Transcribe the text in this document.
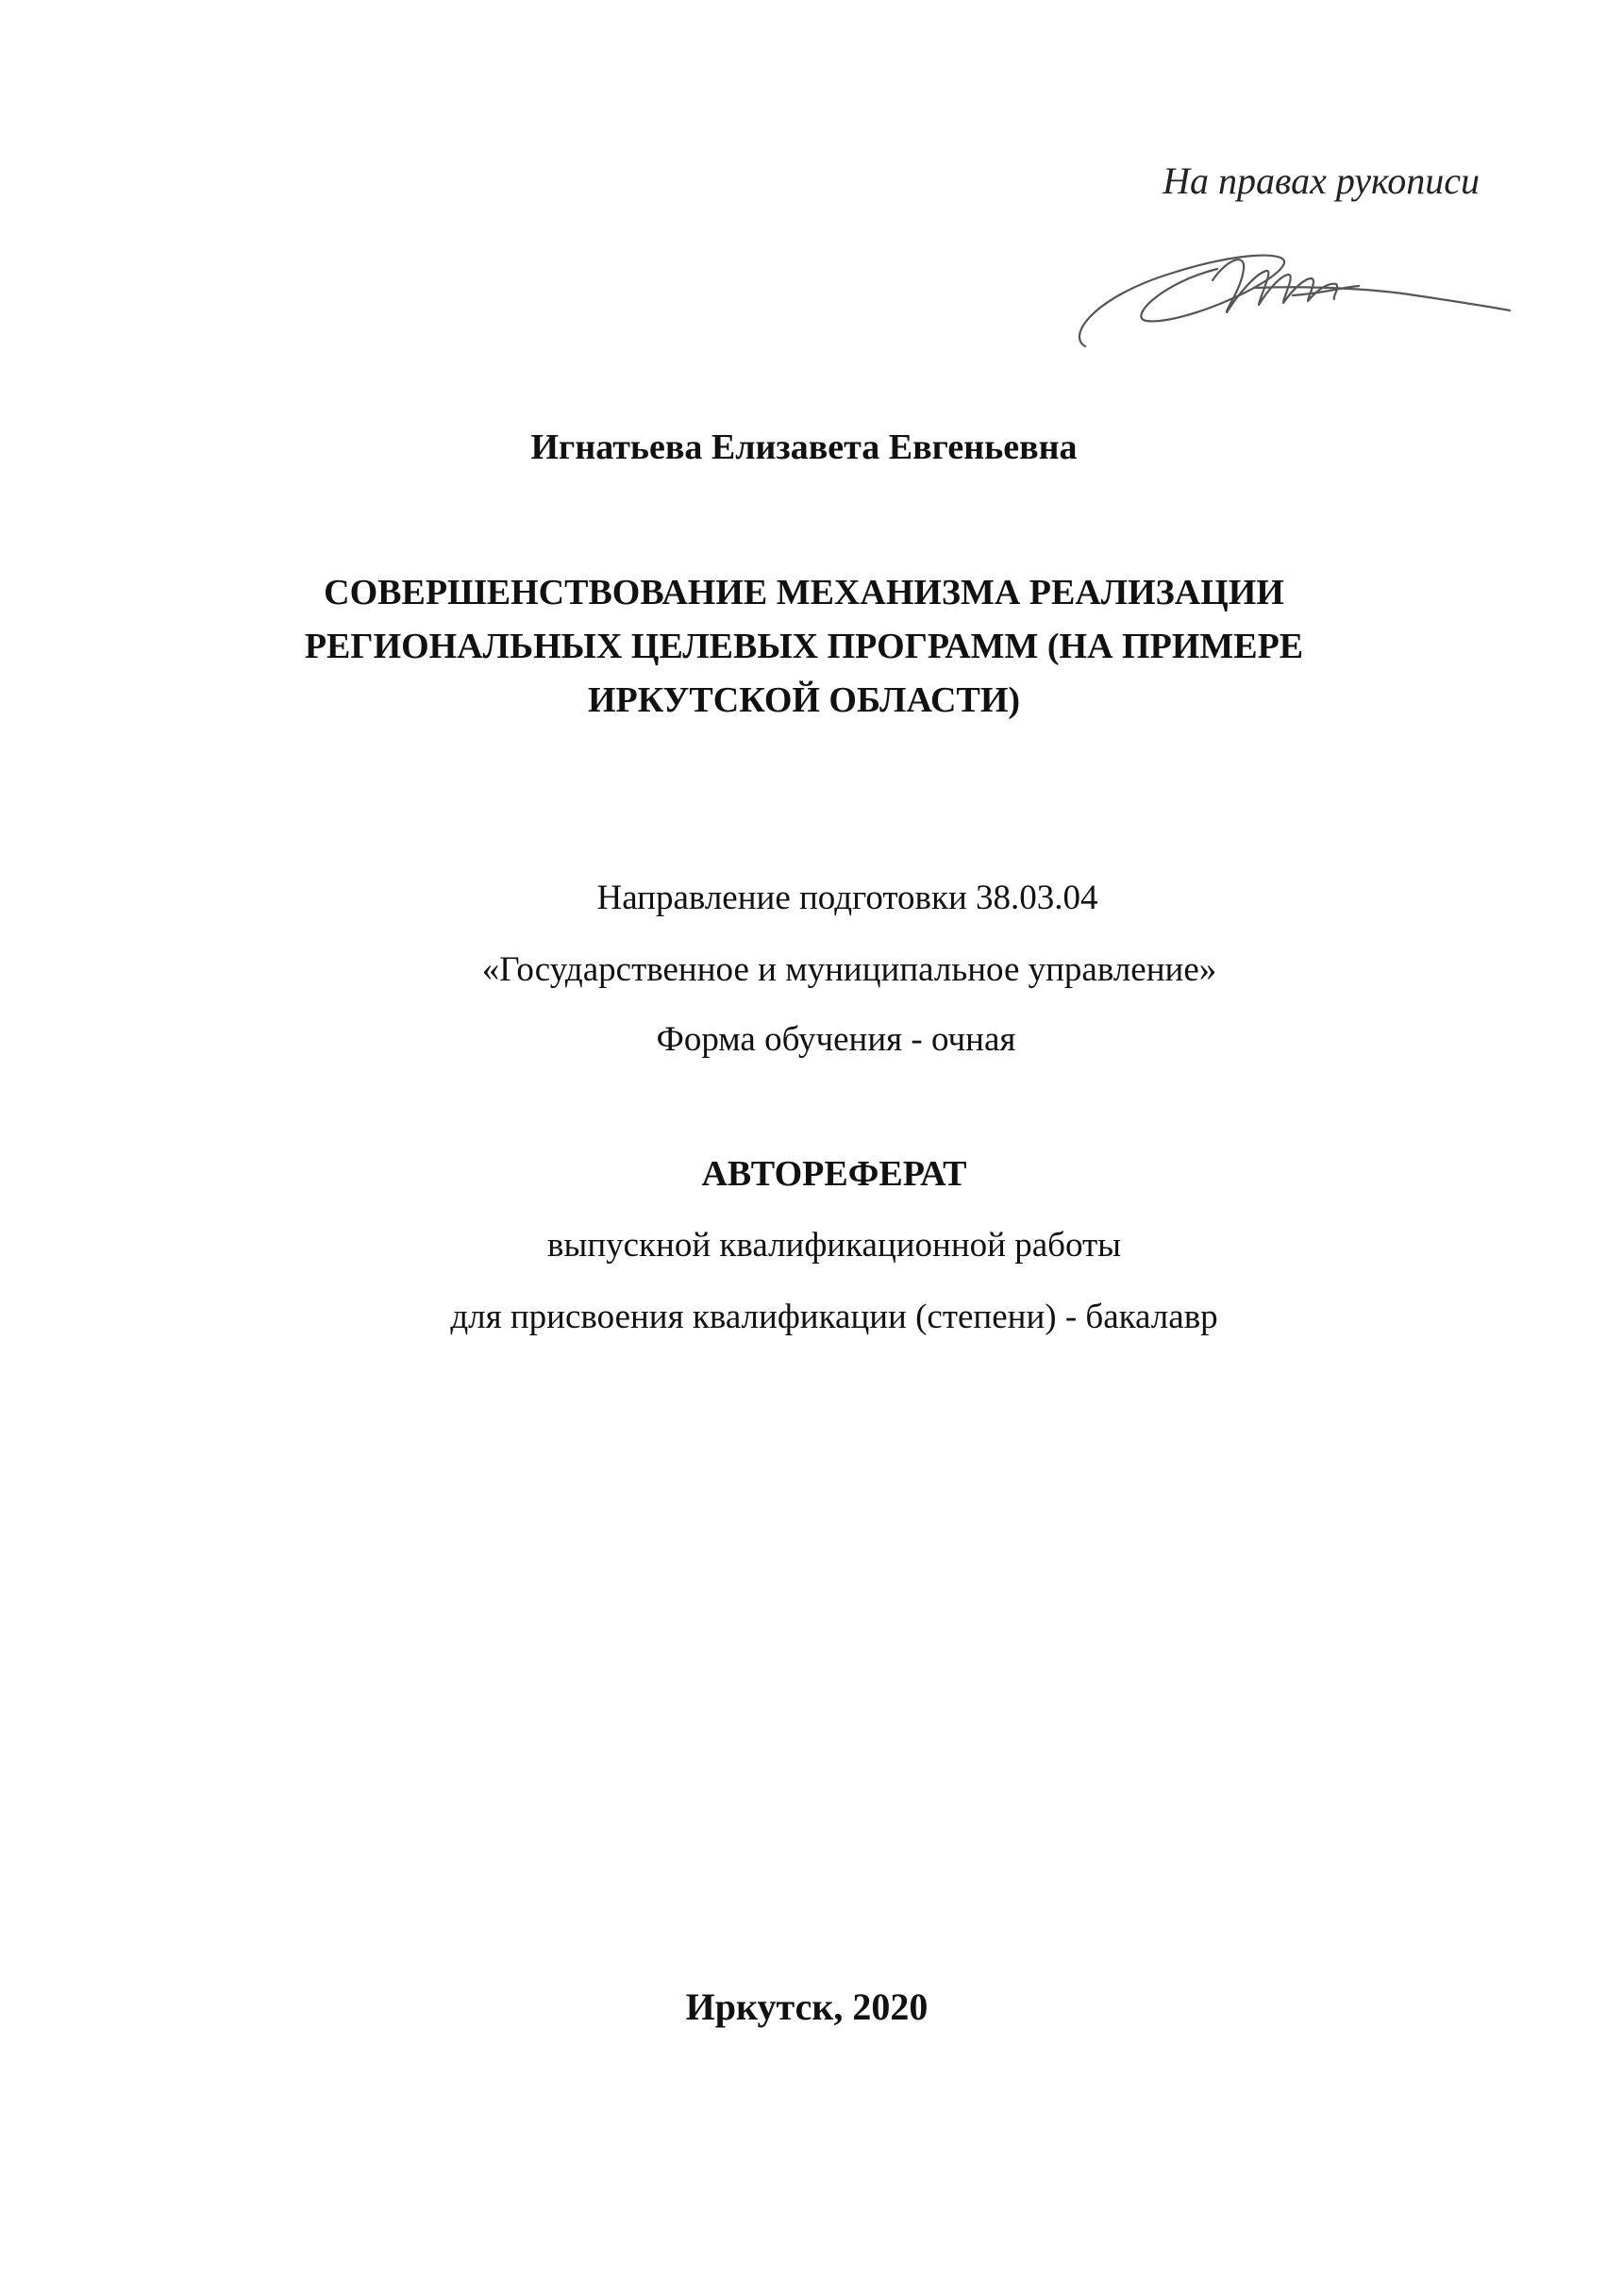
На правах рукописи
Игнатьева Елизавета Евгеньевна
СОВЕРШЕНСТВОВАНИЕ МЕХАНИЗМА РЕАЛИЗАЦИИ
РЕГИОНАЛЬНЫХ ЦЕЛЕВЫХ ПРОГРАММ (НА ПРИМЕРЕ
ИРКУТСКОЙ ОБЛАСТИ)
Направление подготовки 38.03.04
«Государственное и муниципальное управление»
Форма обучения - очная
АВТОРЕФЕРАТ
выпускной квалификационной работы
для присвоения квалификации (степени) - бакалавр
Иркутск, 2020
